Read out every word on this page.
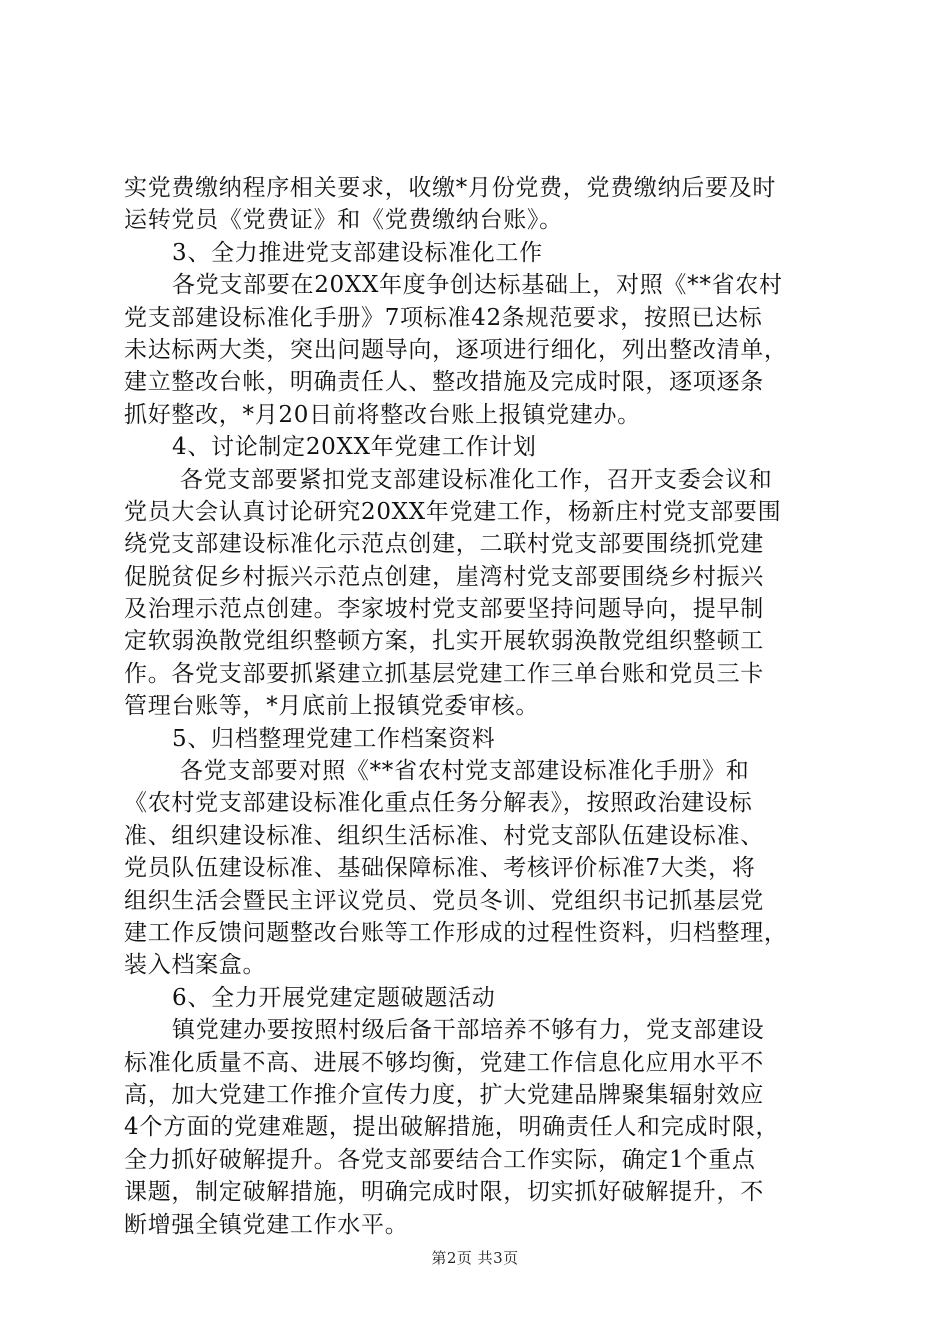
实党费缴纳程序相关要求，收缴*月份党费，党费缴纳后要及时
运转党员《党费证》和《党费缴纳台账》。
3、全力推进党支部建设标准化工作
各党支部要在20XX年度争创达标基础上，对照《**省农村
党支部建设标准化手册》7项标准42条规范要求，按照已达标
未达标两大类，突出问题导向，逐项进行细化，列出整改清单，
建立整改台帐，明确责任人、整改措施及完成时限，逐项逐条
抓好整改，*月20日前将整改台账上报镇党建办。
4、讨论制定20XX年党建工作计划
各党支部要紧扣党支部建设标准化工作，召开支委会议和
党员大会认真讨论研究20XX年党建工作，杨新庄村党支部要围
绕党支部建设标准化示范点创建，二联村党支部要围绕抓党建
促脱贫促乡村振兴示范点创建，崖湾村党支部要围绕乡村振兴
及治理示范点创建。李家坡村党支部要坚持问题导向，提早制
定软弱涣散党组织整顿方案，扎实开展软弱涣散党组织整顿工
作。各党支部要抓紧建立抓基层党建工作三单台账和党员三卡
管理台账等，*月底前上报镇党委审核。
5、归档整理党建工作档案资料
各党支部要对照《**省农村党支部建设标准化手册》和
《农村党支部建设标准化重点任务分解表》，按照政治建设标
准、组织建设标准、组织生活标准、村党支部队伍建设标准、
党员队伍建设标准、基础保障标准、考核评价标准7大类，将
组织生活会暨民主评议党员、党员冬训、党组织书记抓基层党
建工作反馈问题整改台账等工作形成的过程性资料，归档整理，
装入档案盒。
6、全力开展党建定题破题活动
镇党建办要按照村级后备干部培养不够有力，党支部建设
标准化质量不高、进展不够均衡，党建工作信息化应用水平不
高，加大党建工作推介宣传力度，扩大党建品牌聚集辐射效应
4个方面的党建难题，提出破解措施，明确责任人和完成时限，
全力抓好破解提升。各党支部要结合工作实际，确定1个重点
课题，制定破解措施，明确完成时限，切实抓好破解提升，不
断增强全镇党建工作水平。
第2页 共3页
